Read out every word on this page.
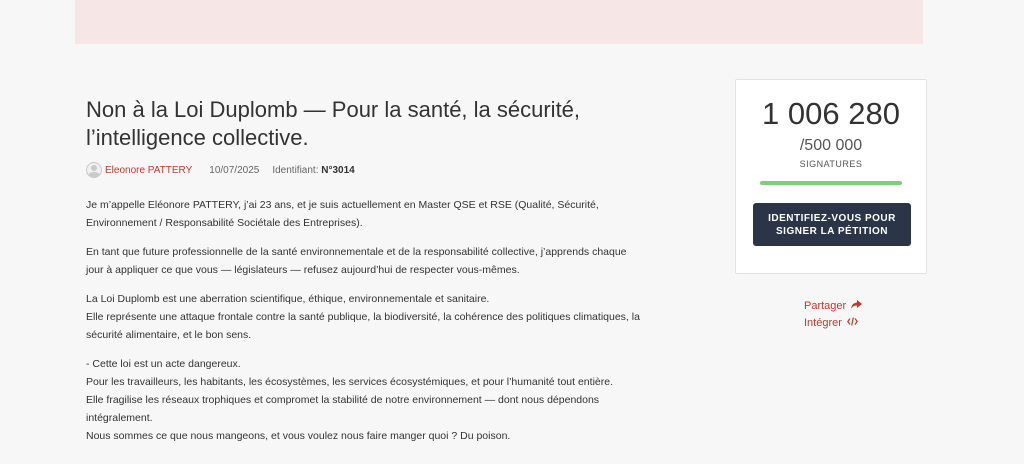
Non à la Loi Duplomb — Pour la santé, la sécurité, l’intelligence collective.
Eleonore PATTERY 10/07/2025 Identifiant:
N°3014

Je m’appelle Eléonore PATTERY, j’ai 23 ans, et je suis actuellement en Master QSE et RSE (Qualité, Sécurité, Environnement / Responsabilité Sociétale des Entreprises).

En tant que future professionnelle de la santé environnementale et de la responsabilité collective, j’apprends chaque jour à appliquer ce que vous — législateurs — refusez aujourd’hui de respecter vous-mêmes.

La Loi Duplomb est une aberration scientifique, éthique, environnementale et sanitaire.
Elle représente une attaque frontale contre la santé publique, la biodiversité, la cohérence des politiques climatiques, la sécurité alimentaire, et le bon sens.

- Cette loi est un acte dangereux.
Pour les travailleurs, les habitants, les écosystèmes, les services écosystémiques, et pour l’humanité tout entière.
Elle fragilise les réseaux trophiques et compromet la stabilité de notre environnement — dont nous dépendons intégralement.
Nous sommes ce que nous mangeons, et vous voulez nous faire manger quoi ? Du poison.

1 006 280
/500 000
SIGNATURES
IDENTIFIEZ-VOUS POUR SIGNER LA PÉTITION
Partager
Intégrer
